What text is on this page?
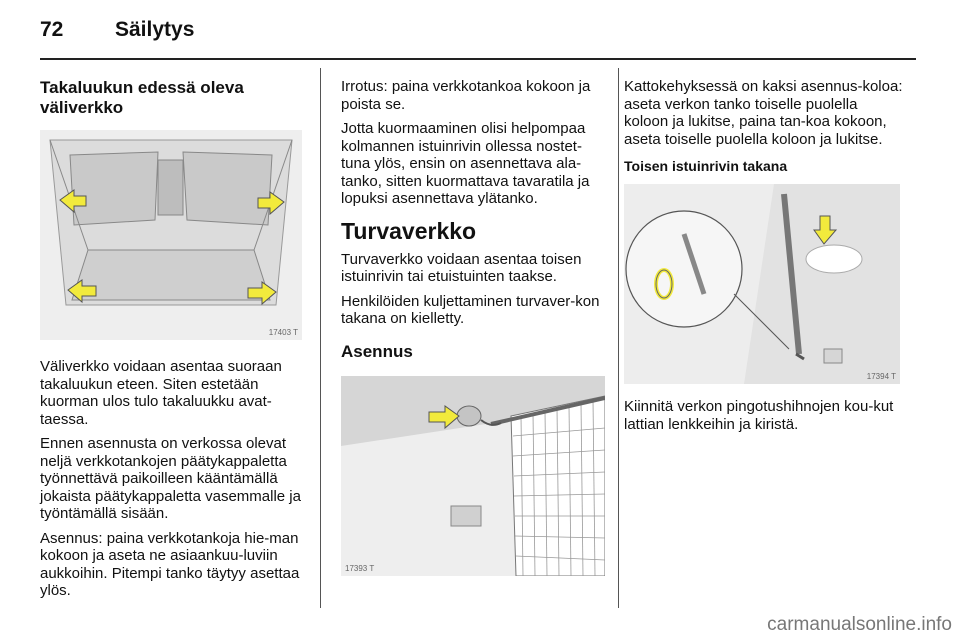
72 Säilytys
Takaluukun edessä oleva väliverkko
17403 T

Väliverkko voidaan asentaa suoraan takaluukun eteen. Siten estetään kuorman ulos tulo takaluukku avat-taessa.

Ennen asennusta on verkossa olevat neljä verkkotankojen päätykappaletta työnnettävä paikoilleen kääntämällä jokaista päätykappaletta vasemmalle ja työntämällä sisään.

Asennus: paina verkkotankoja hie-man kokoon ja aseta ne asiaankuu-luviin aukkoihin. Pitempi tanko täytyy asettaa ylös.

Irrotus: paina verkkotankoa kokoon ja poista se.

Jotta kuormaaminen olisi helpompaa kolmannen istuinrivin ollessa nostet-tuna ylös, ensin on asennettava ala-tanko, sitten kuormattava tavaratila ja lopuksi asennettava ylätanko.

Turvaverkko

Turvaverkko voidaan asentaa toisen istuinrivin tai etuistuinten taakse.

Henkilöiden kuljettaminen turvaver-kon takana on kielletty.

Asennus
17393 T

Kattokehyksessä on kaksi asennus-koloa: aseta verkon tanko toiselle puolella koloon ja lukitse, paina tan-koa kokoon, aseta toiselle puolella koloon ja lukitse.

Toisen istuinrivin takana
17394 T

Kiinnitä verkon pingotushihnojen kou-kut lattian lenkkeihin ja kiristä.

carmanualsonline.info
